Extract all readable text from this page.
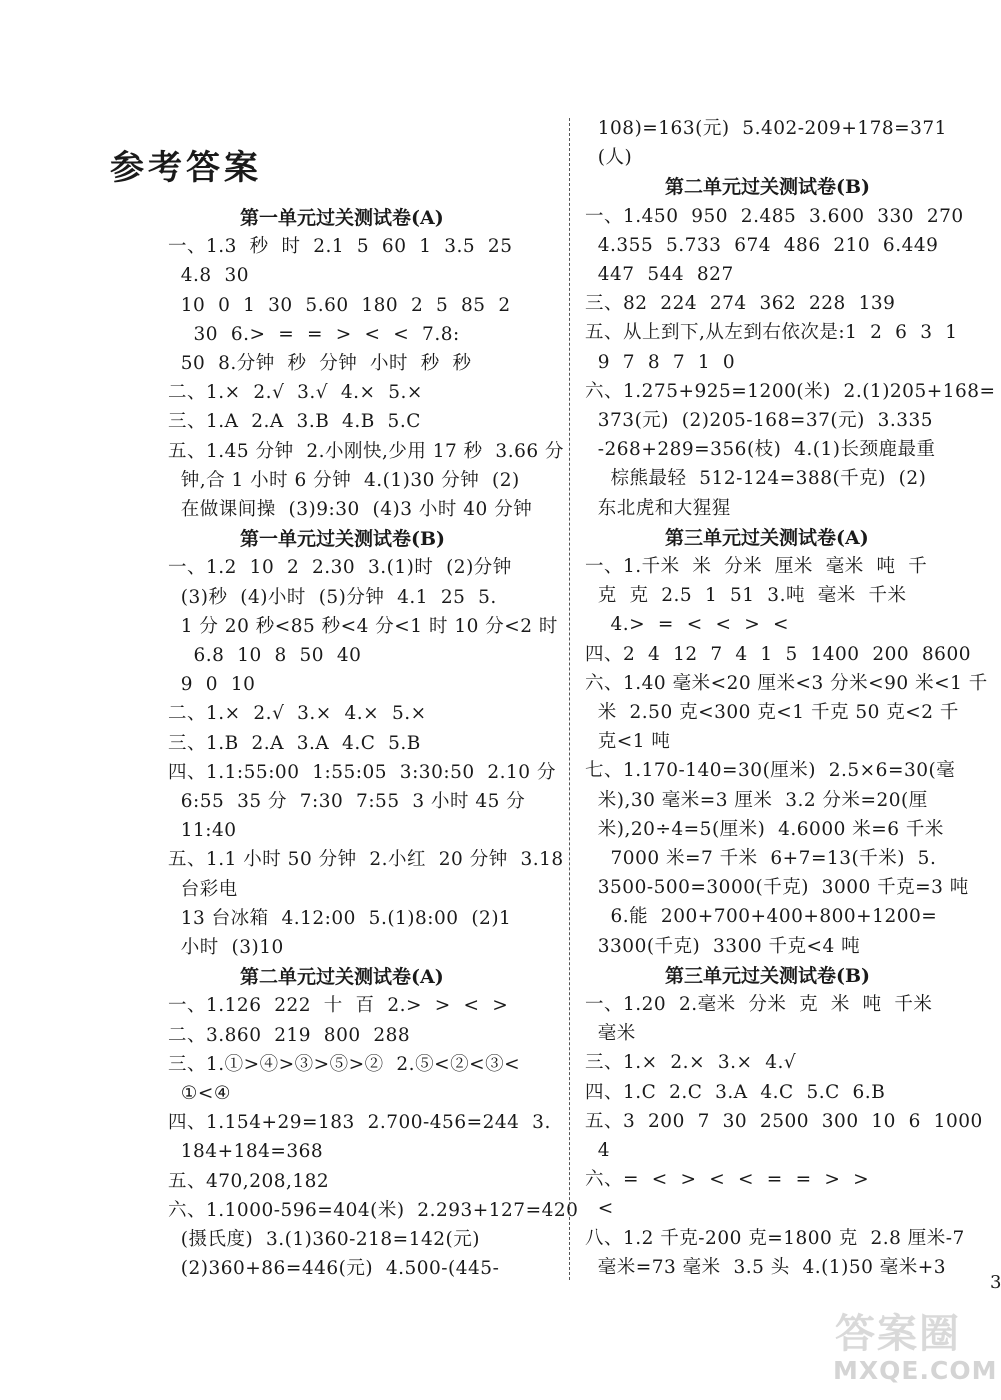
参考答案
第一单元过关测试卷(A)
一、1.3  秒  时  2.1  5  60  1  3.5  25
4.8  30
10  0  1  30  5.60  180  2  5  85  2
30  6.>  =  =  >  <  <  7.8:
50  8.分钟  秒  分钟  小时  秒  秒
二、1.×  2.√  3.√  4.×  5.×
三、1.A  2.A  3.B  4.B  5.C
五、1.45 分钟  2.小刚快,少用 17 秒  3.66 分
钟,合 1 小时 6 分钟  4.(1)30 分钟  (2)
在做课间操  (3)9:30  (4)3 小时 40 分钟
第一单元过关测试卷(B)
一、1.2  10  2  2.30  3.(1)时  (2)分钟
(3)秒  (4)小时  (5)分钟  4.1  25  5.
1 分 20 秒<85 秒<4 分<1 时 10 分<2 时
6.8  10  8  50  40
9  0  10
二、1.×  2.√  3.×  4.×  5.×
三、1.B  2.A  3.A  4.C  5.B
四、1.1:55:00  1:55:05  3:30:50  2.10 分
6:55  35 分  7:30  7:55  3 小时 45 分
11:40
五、1.1 小时 50 分钟  2.小红  20 分钟  3.18
台彩电
13 台冰箱  4.12:00  5.(1)8:00  (2)1
小时  (3)10
第二单元过关测试卷(A)
一、1.126  222  十  百  2.>  >  <  >
二、3.860  219  800  288
三、1.①>④>③>⑤>②  2.⑤<②<③<
①<④
四、1.154+29=183  2.700-456=244  3.
184+184=368
五、470,208,182
六、1.1000-596=404(米)  2.293+127=420
(摄氏度)  3.(1)360-218=142(元)
(2)360+86=446(元)  4.500-(445-
108)=163(元)  5.402-209+178=371
(人)
第二单元过关测试卷(B)
一、1.450  950  2.485  3.600  330  270
4.355  5.733  674  486  210  6.449
447  544  827
三、82  224  274  362  228  139
五、从上到下,从左到右依次是:1  2  6  3  1
9  7  8  7  1  0
六、1.275+925=1200(米)  2.(1)205+168=
373(元)  (2)205-168=37(元)  3.335
-268+289=356(枝)  4.(1)长颈鹿最重
棕熊最轻  512-124=388(千克)  (2)
东北虎和大猩猩
第三单元过关测试卷(A)
一、1.千米  米  分米  厘米  毫米  吨  千
克  克  2.5  1  51  3.吨  毫米  千米
4.>  =  <  <  >  <
四、2  4  12  7  4  1  5  1400  200  8600
六、1.40 毫米<20 厘米<3 分米<90 米<1 千
米  2.50 克<300 克<1 千克 50 克<2 千
克<1 吨
七、1.170-140=30(厘米)  2.5×6=30(毫
米),30 毫米=3 厘米  3.2 分米=20(厘
米),20÷4=5(厘米)  4.6000 米=6 千米
7000 米=7 千米  6+7=13(千米)  5.
3500-500=3000(千克)  3000 千克=3 吨
6.能  200+700+400+800+1200=
3300(千克)  3300 千克<4 吨
第三单元过关测试卷(B)
一、1.20  2.毫米  分米  克  米  吨  千米
毫米
三、1.×  2.×  3.×  4.√
四、1.C  2.C  3.A  4.C  5.C  6.B
五、3  200  7  30  2500  300  10  6  1000
4
六、=  <  >  <  <  =  =  >  >
<
八、1.2 千克-200 克=1800 克  2.8 厘米-7
毫米=73 毫米  3.5 头  4.(1)50 毫米+3
3
答案圈
MXQE.COM
